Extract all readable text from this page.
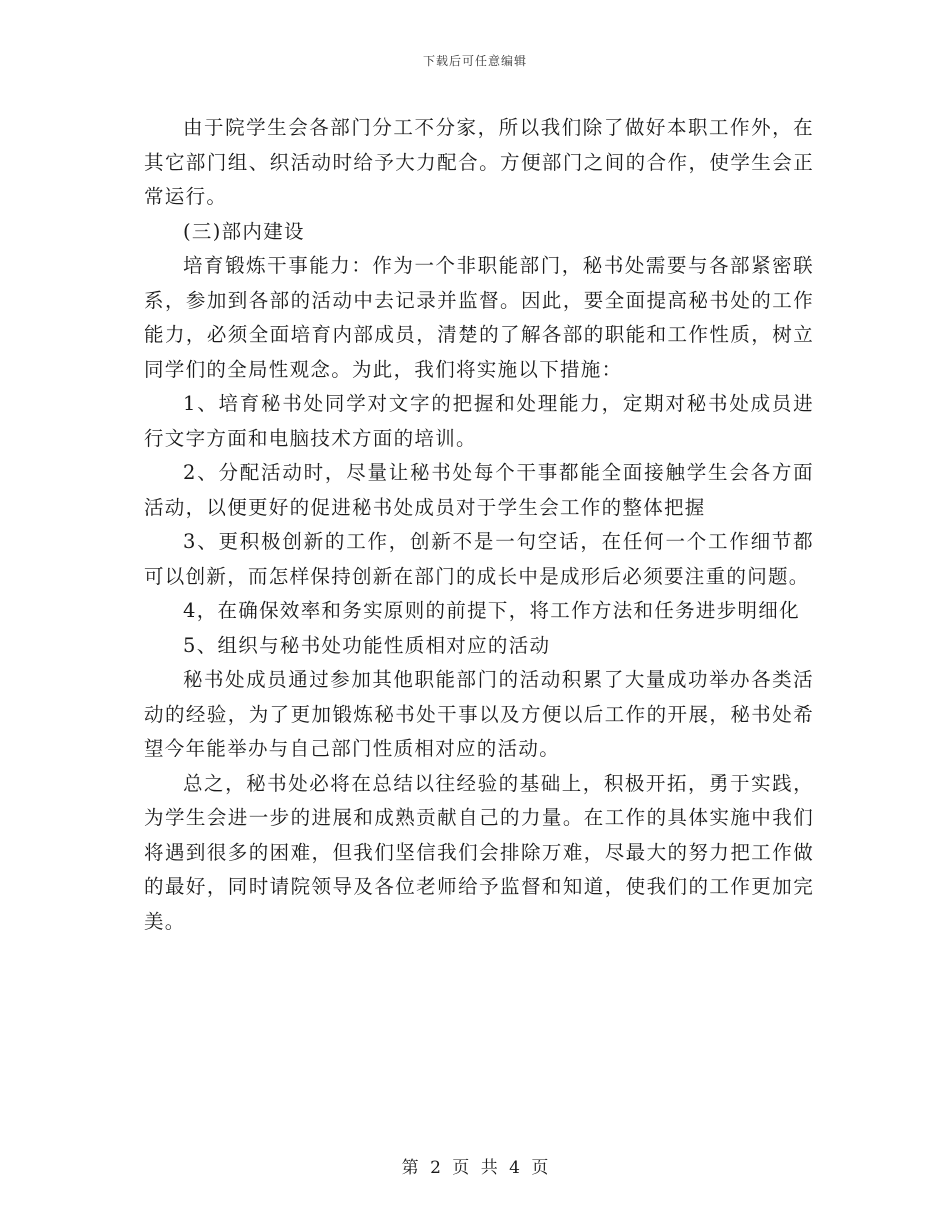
下载后可任意编辑

由于院学生会各部门分工不分家，所以我们除了做好本职工作外，在其它部门组、织活动时给予大力配合。方便部门之间的合作，使学生会正常运行。

(三)部内建设

培育锻炼干事能力：作为一个非职能部门，秘书处需要与各部紧密联系，参加到各部的活动中去记录并监督。因此，要全面提高秘书处的工作能力，必须全面培育内部成员，清楚的了解各部的职能和工作性质，树立同学们的全局性观念。为此，我们将实施以下措施：

1、培育秘书处同学对文字的把握和处理能力，定期对秘书处成员进行文字方面和电脑技术方面的培训。

2、分配活动时，尽量让秘书处每个干事都能全面接触学生会各方面活动，以便更好的促进秘书处成员对于学生会工作的整体把握

3、更积极创新的工作，创新不是一句空话，在任何一个工作细节都可以创新，而怎样保持创新在部门的成长中是成形后必须要注重的问题。

4，在确保效率和务实原则的前提下，将工作方法和任务进步明细化

5、组织与秘书处功能性质相对应的活动

秘书处成员通过参加其他职能部门的活动积累了大量成功举办各类活动的经验，为了更加锻炼秘书处干事以及方便以后工作的开展，秘书处希望今年能举办与自己部门性质相对应的活动。

总之，秘书处必将在总结以往经验的基础上，积极开拓，勇于实践，为学生会进一步的进展和成熟贡献自己的力量。在工作的具体实施中我们将遇到很多的困难，但我们坚信我们会排除万难，尽最大的努力把工作做的最好，同时请院领导及各位老师给予监督和知道，使我们的工作更加完美。

第 2 页 共 4 页
